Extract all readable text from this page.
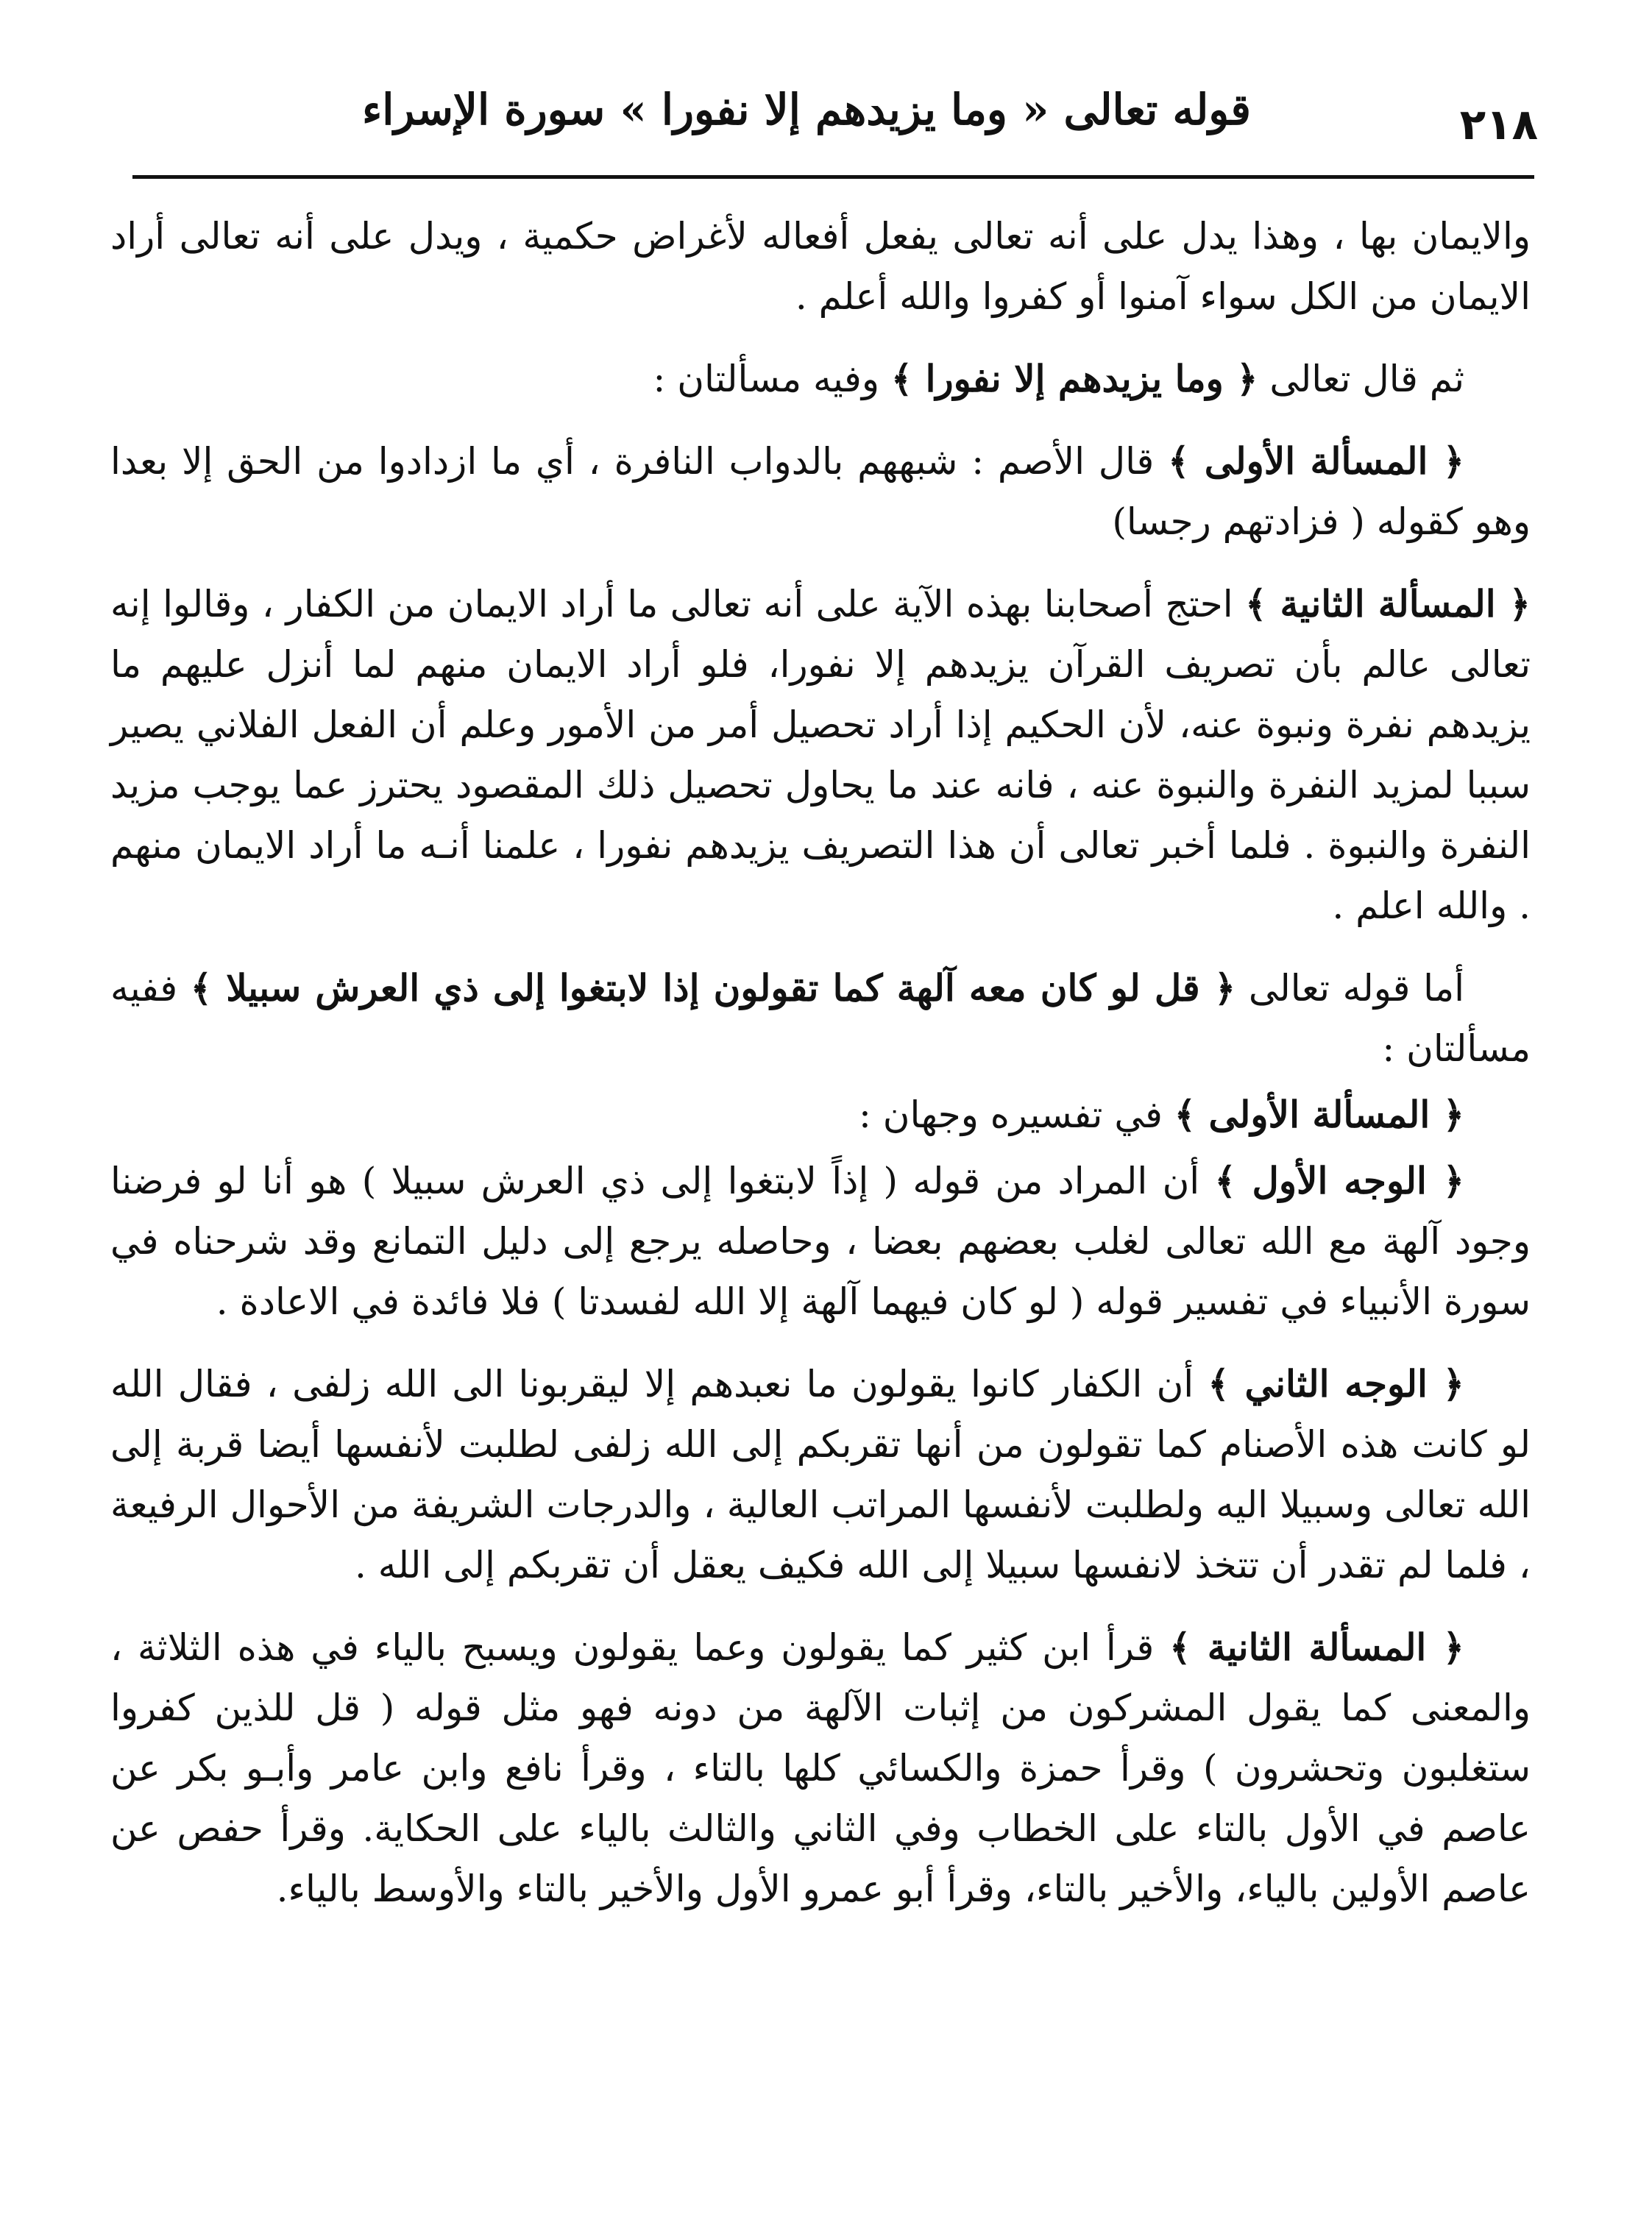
٢١٨
قوله تعالى « وما يزيدهم إلا نفورا » سورة الإسراء

والايمان بها ، وهذا يدل على أنه تعالى يفعل أفعاله لأغراض حكمية ، ويدل على أنه تعالى أراد الايمان من الكل سواء آمنوا أو كفروا والله أعلم .

ثم قال تعالى ﴿ وما يزيدهم إلا نفورا ﴾ وفيه مسألتان :

﴿ المسألة الأولى ﴾ قال الأصم : شبههم بالدواب النافرة ، أي ما ازدادوا من الحق إلا بعدا وهو كقوله ( فزادتهم رجسا)

﴿ المسألة الثانية ﴾ احتج أصحابنا بهذه الآية على أنه تعالى ما أراد الايمان من الكفار ، وقالوا إنه تعالى عالم بأن تصريف القرآن يزيدهم إلا نفورا، فلو أراد الايمان منهم لما أنزل عليهم ما يزيدهم نفرة ونبوة عنه، لأن الحكيم إذا أراد تحصيل أمر من الأمور وعلم أن الفعل الفلاني يصير سببا لمزيد النفرة والنبوة عنه ، فانه عند ما يحاول تحصيل ذلك المقصود يحترز عما يوجب مزيد النفرة والنبوة . فلما أخبر تعالى أن هذا التصريف يزيدهم نفورا ، علمنا أنـه ما أراد الايمان منهم . والله اعلم .

أما قوله تعالى ﴿ قل لو كان معه آلهة كما تقولون إذا لابتغوا إلى ذي العرش سبيلا ﴾ ففيه مسألتان :

﴿ المسألة الأولى ﴾ في تفسيره وجهان :

﴿ الوجه الأول ﴾ أن المراد من قوله ( إذاً لابتغوا إلى ذي العرش سبيلا ) هو أنا لو فرضنا وجود آلهة مع الله تعالى لغلب بعضهم بعضا ، وحاصله يرجع إلى دليل التمانع وقد شرحناه في سورة الأنبياء في تفسير قوله ( لو كان فيهما آلهة إلا الله لفسدتا ) فلا فائدة في الاعادة .

﴿ الوجه الثاني ﴾ أن الكفار كانوا يقولون ما نعبدهم إلا ليقربونا الى الله زلفى ، فقال الله لو كانت هذه الأصنام كما تقولون من أنها تقربكم إلى الله زلفى لطلبت لأنفسها أيضا قربة إلى الله تعالى وسبيلا اليه ولطلبت لأنفسها المراتب العالية ، والدرجات الشريفة من الأحوال الرفيعة ، فلما لم تقدر أن تتخذ لانفسها سبيلا إلى الله فكيف يعقل أن تقربكم إلى الله .

﴿ المسألة الثانية ﴾ قرأ ابن كثير كما يقولون وعما يقولون ويسبح بالياء في هذه الثلاثة ، والمعنى كما يقول المشركون من إثبات الآلهة من دونه فهو مثل قوله ( قل للذين كفروا ستغلبون وتحشرون ) وقرأ حمزة والكسائي كلها بالتاء ، وقرأ نافع وابن عامر وأبـو بكر عن عاصم في الأول بالتاء على الخطاب وفي الثاني والثالث بالياء على الحكاية. وقرأ حفص عن عاصم الأولين بالياء، والأخير بالتاء، وقرأ أبو عمرو الأول والأخير بالتاء والأوسط بالياء.
